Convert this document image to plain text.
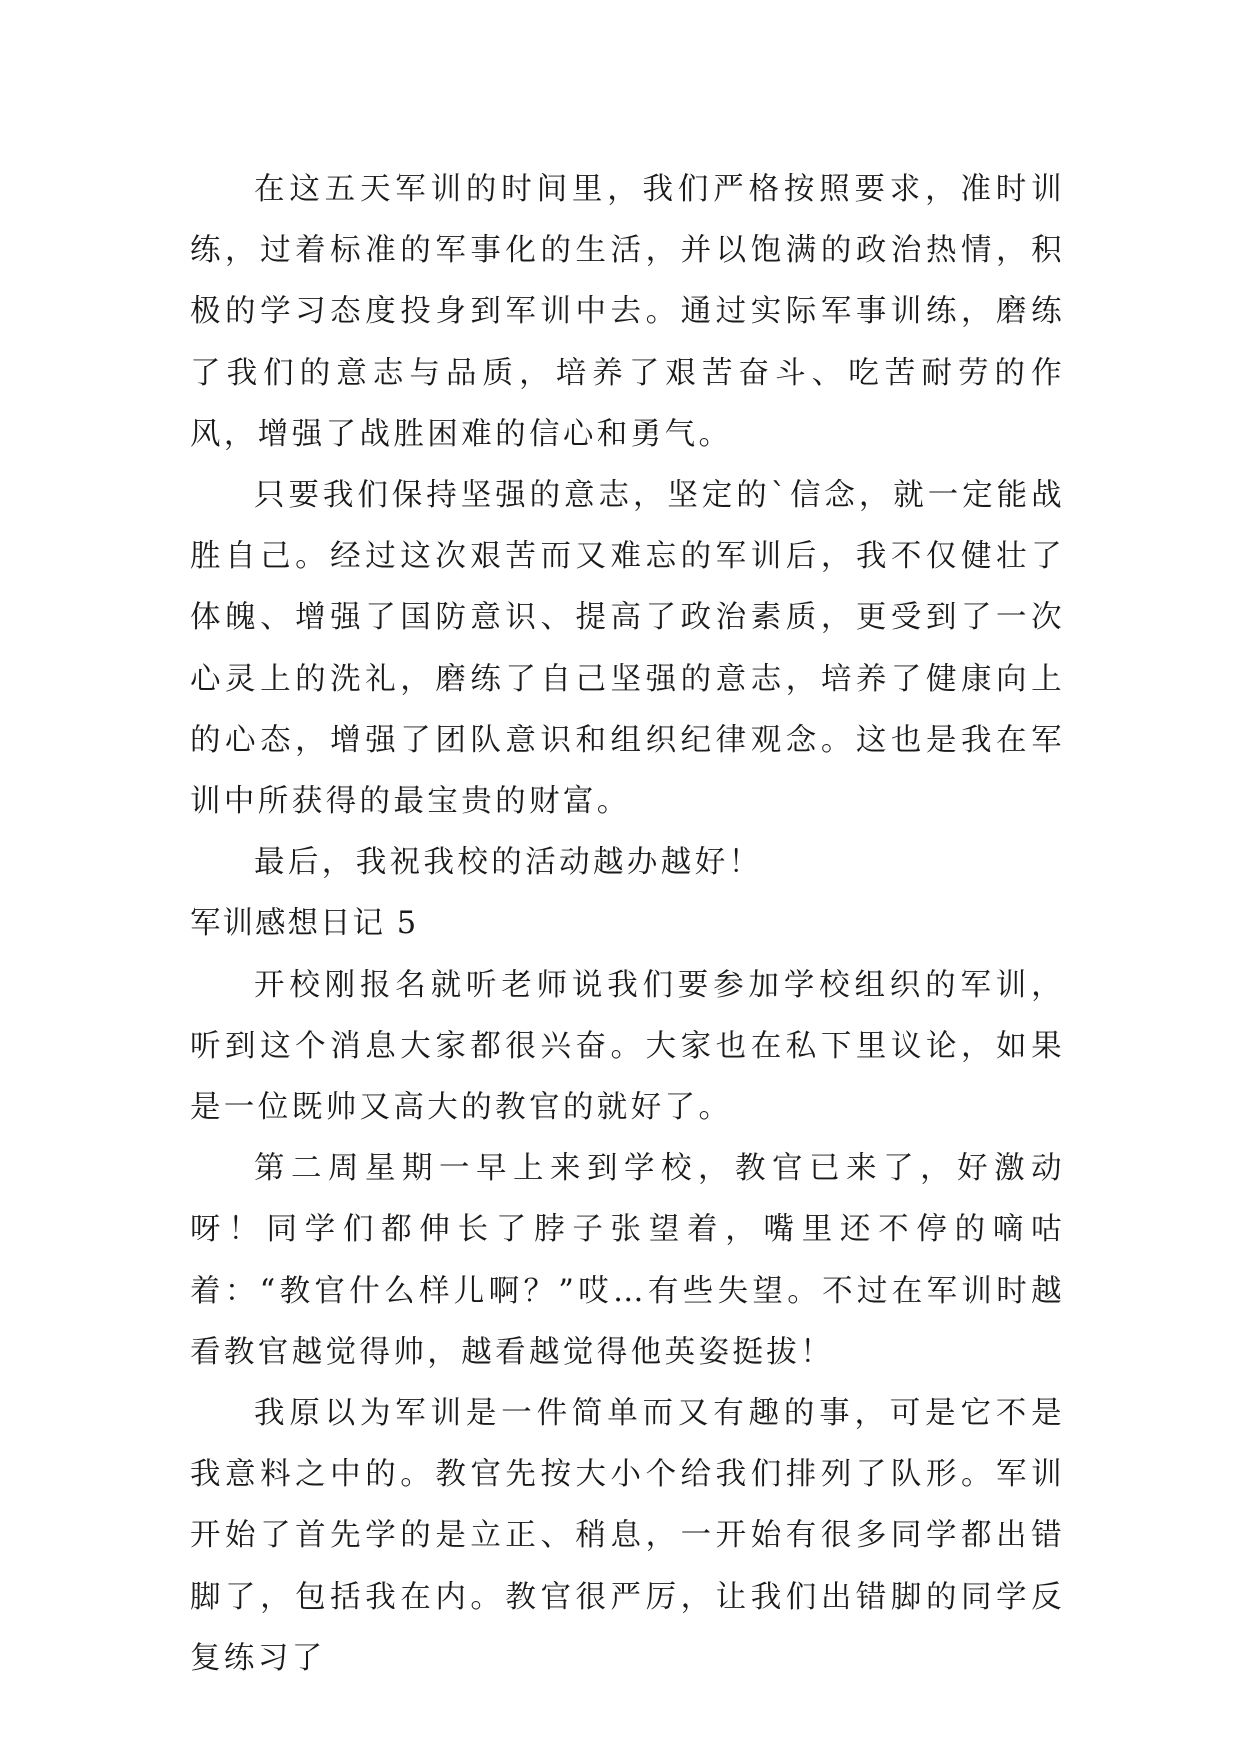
在这五天军训的时间里，我们严格按照要求，准时训练，过着标准的军事化的生活，并以饱满的政治热情，积极的学习态度投身到军训中去。通过实际军事训练，磨练了我们的意志与品质，培养了艰苦奋斗、吃苦耐劳的作风，增强了战胜困难的信心和勇气。

只要我们保持坚强的意志，坚定的`信念，就一定能战胜自己。经过这次艰苦而又难忘的军训后，我不仅健壮了体魄、增强了国防意识、提高了政治素质，更受到了一次心灵上的洗礼，磨练了自己坚强的意志，培养了健康向上的心态，增强了团队意识和组织纪律观念。这也是我在军训中所获得的最宝贵的财富。

最后，我祝我校的活动越办越好！

军训感想日记 5

开校刚报名就听老师说我们要参加学校组织的军训，听到这个消息大家都很兴奋。大家也在私下里议论，如果是一位既帅又高大的教官的就好了。

第二周星期一早上来到学校，教官已来了，好激动呀！同学们都伸长了脖子张望着，嘴里还不停的嘀咕着：“教官什么样儿啊？”哎…有些失望。不过在军训时越看教官越觉得帅，越看越觉得他英姿挺拔！

我原以为军训是一件简单而又有趣的事，可是它不是我意料之中的。教官先按大小个给我们排列了队形。军训开始了首先学的是立正、稍息，一开始有很多同学都出错脚了，包括我在内。教官很严厉，让我们出错脚的同学反复练习了
